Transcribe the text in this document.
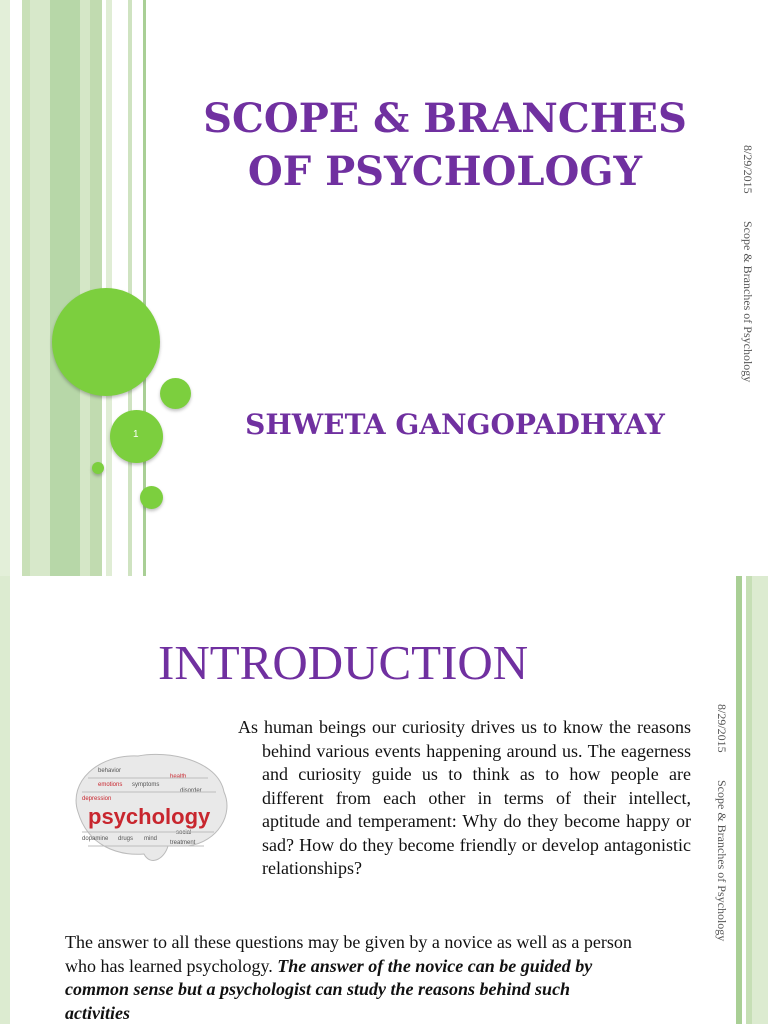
1
SCOPE & BRANCHES
OF PSYCHOLOGY
SHWETA GANGOPADHYAY
8/29/2015
Scope & Branches of Psychology
INTRODUCTION
behavior
emotions
health
depression
disorder
mind
social
symptoms
treatment
dopamine drugs
psychology

As human beings our curiosity drives us to know the reasons behind various events happening around us. The eagerness and curiosity guide us to think as to how people are different from each other in terms of their intellect, aptitude and temperament: Why do they become happy or sad? How do they become friendly or develop antagonistic relationships?

The answer to all these questions may be given by a novice as well as a person who has learned psychology. The answer of the novice can be guided by common sense but a psychologist can study the reasons behind such activities
8/29/2015
Scope & Branches of Psychology
